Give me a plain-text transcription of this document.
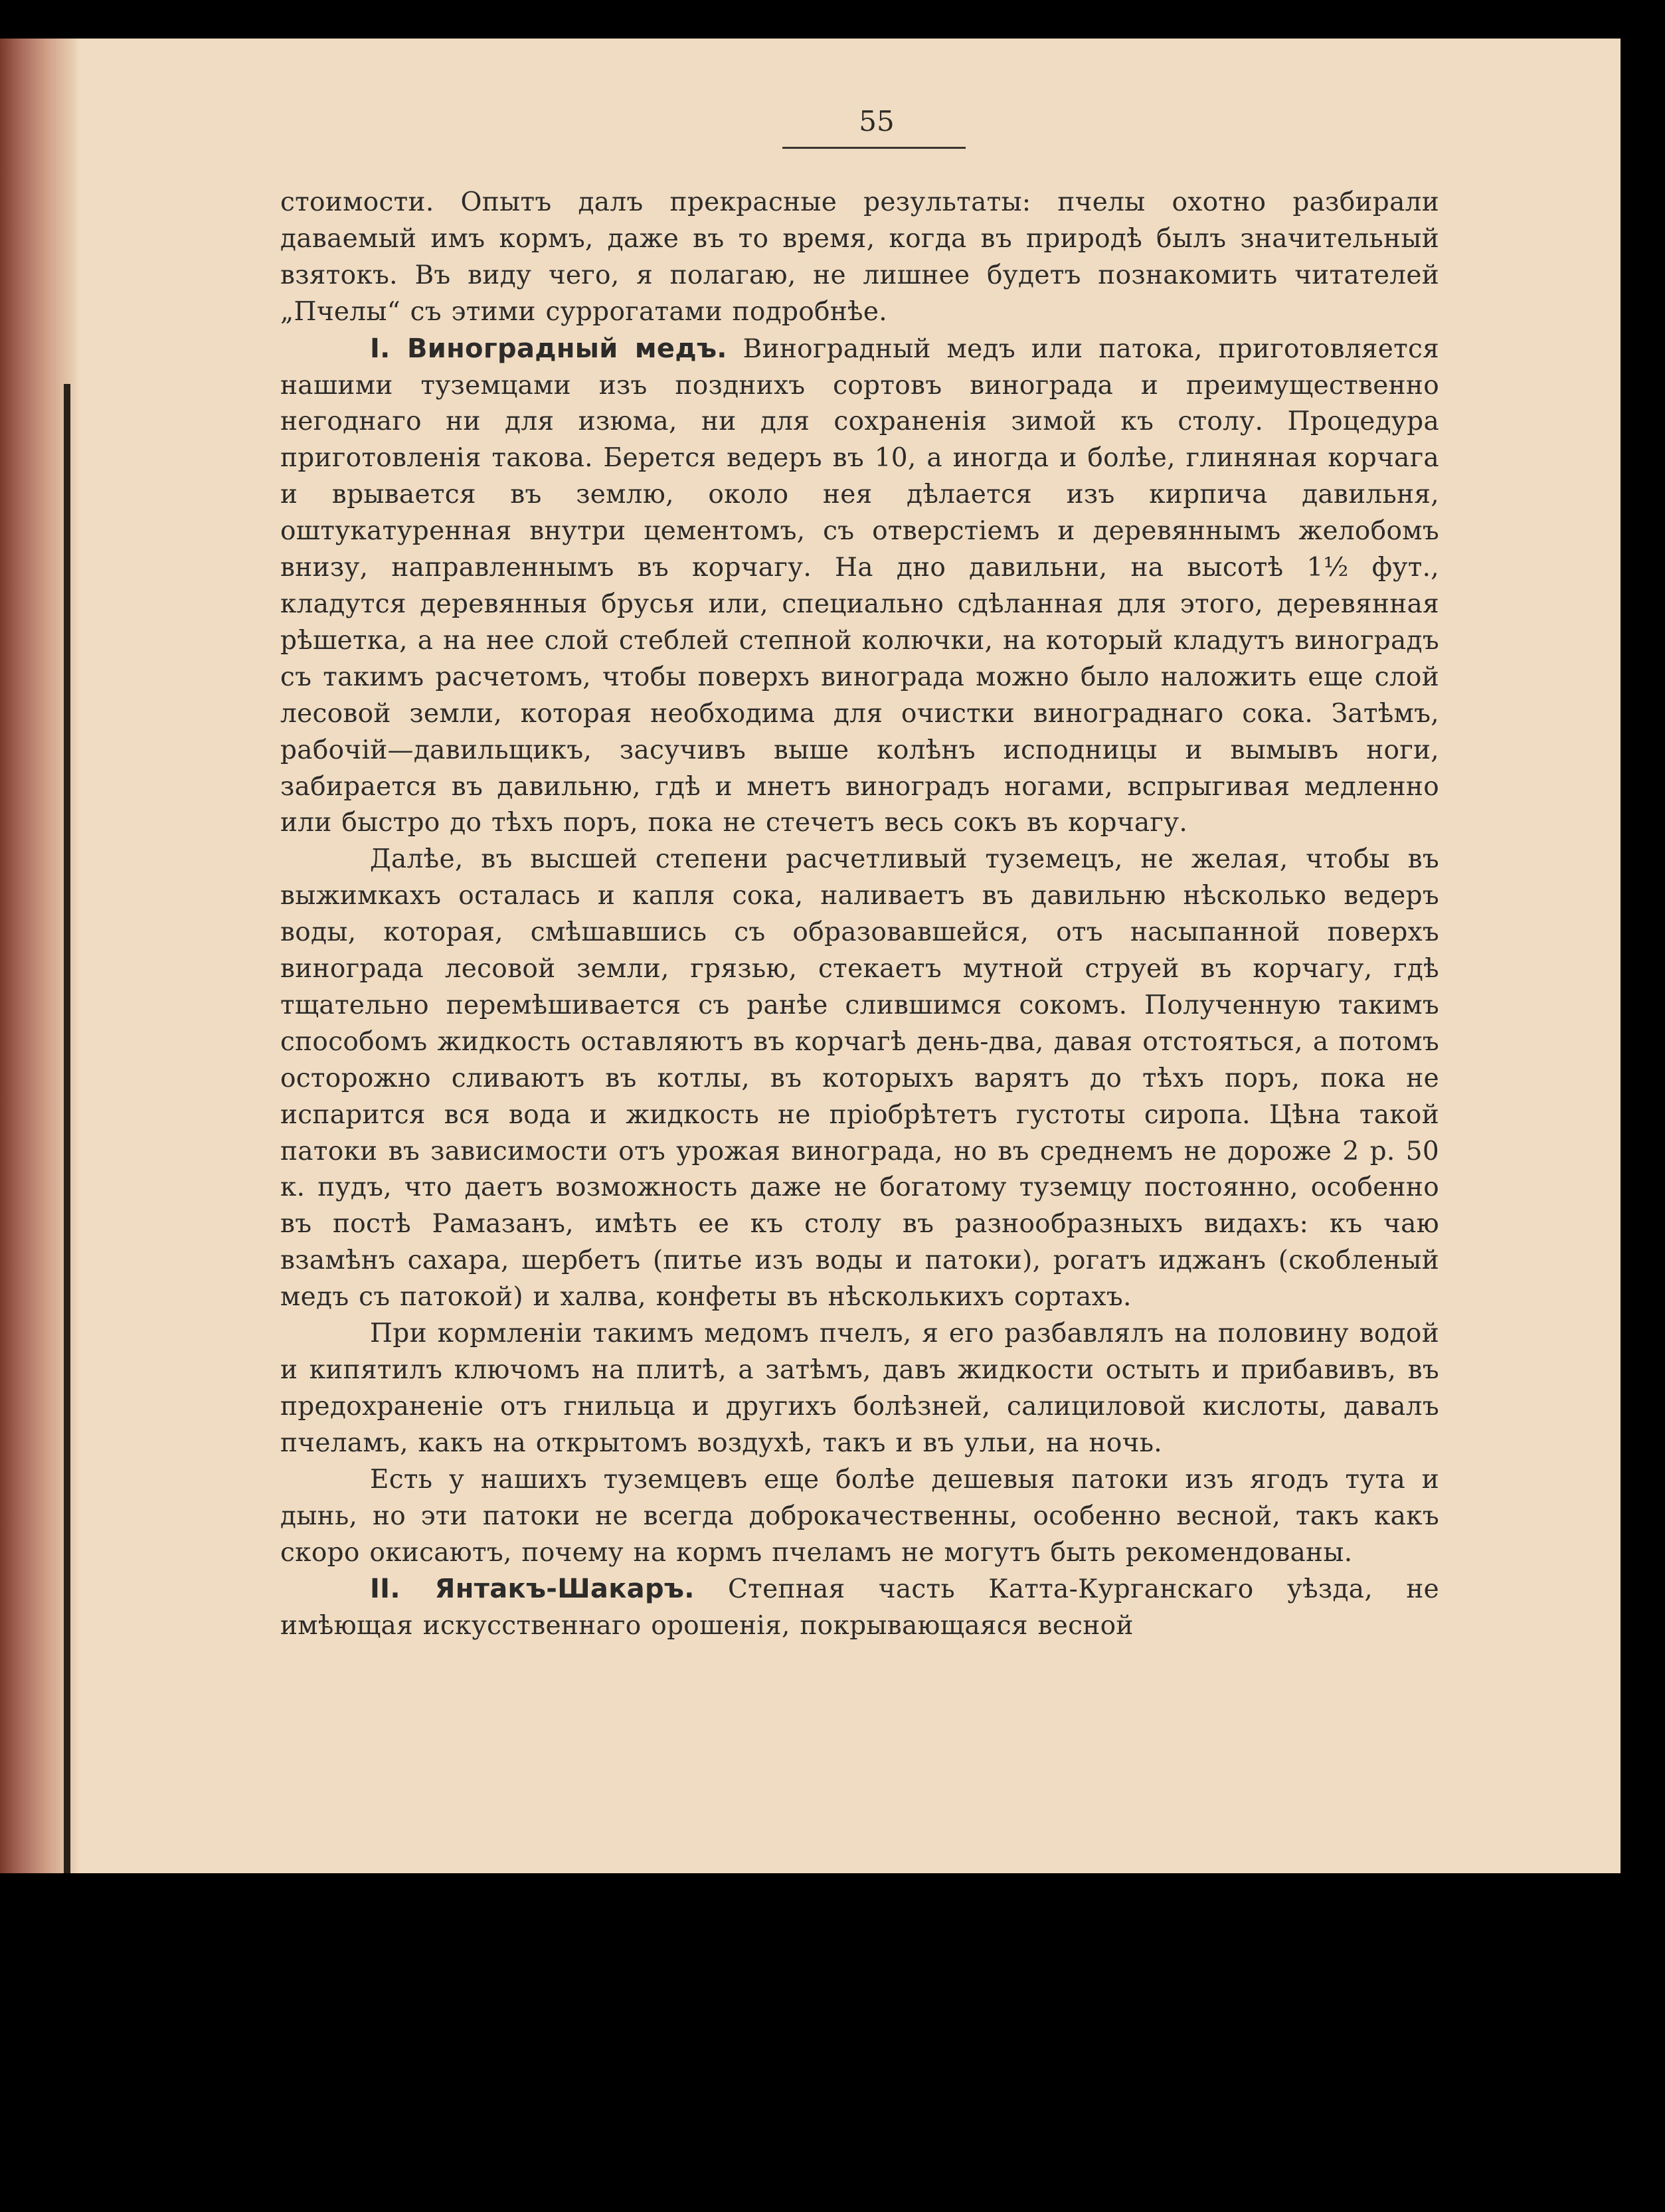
55

стоимости. Опытъ далъ прекрасные результаты: пчелы охотно разбирали даваемый имъ кормъ, даже въ то время, когда въ природѣ былъ значительный взятокъ. Въ виду чего, я полагаю, не лишнее будетъ познакомить читателей „Пчелы“ съ этими суррогатами подробнѣе.

I. Виноградный медъ. Виноградный медъ или патока, приготовляется нашими туземцами изъ позднихъ сортовъ винограда и преимущественно негоднаго ни для изюма, ни для сохраненія зимой къ столу. Процедура приготовленія такова. Берется ведеръ въ 10, а иногда и болѣе, глиняная корчага и врывается въ землю, около нея дѣлается изъ кирпича давильня, оштукатуренная внутри цементомъ, съ отверстіемъ и деревяннымъ желобомъ внизу, направленнымъ въ корчагу. На дно давильни, на высотѣ 1½ фут., кладутся деревянныя брусья или, специально сдѣланная для этого, деревянная рѣшетка, а на нее слой стеблей степной колючки, на который кладутъ виноградъ съ такимъ расчетомъ, чтобы поверхъ винограда можно было наложить еще слой лесовой земли, которая необходима для очистки винограднаго сока. Затѣмъ, рабочій—давильщикъ, засучивъ выше колѣнъ исподницы и вымывъ ноги, забирается въ давильню, гдѣ и мнетъ виноградъ ногами, вспрыгивая медленно или быстро до тѣхъ поръ, пока не стечетъ весь сокъ въ корчагу.

Далѣе, въ высшей степени расчетливый туземецъ, не желая, чтобы въ выжимкахъ осталась и капля сока, наливаетъ въ давильню нѣсколько ведеръ воды, которая, смѣшавшись съ образовавшейся, отъ насыпанной поверхъ винограда лесовой земли, грязью, стекаетъ мутной струей въ корчагу, гдѣ тщательно перемѣшивается съ ранѣе слившимся сокомъ. Полученную такимъ способомъ жидкость оставляютъ въ корчагѣ день-два, давая отстояться, а потомъ осторожно сливаютъ въ котлы, въ которыхъ варятъ до тѣхъ поръ, пока не испарится вся вода и жидкость не пріобрѣтетъ густоты сиропа. Цѣна такой патоки въ зависимости отъ урожая винограда, но въ среднемъ не дороже 2 р. 50 к. пудъ, что даетъ возможность даже не богатому туземцу постоянно, особенно въ постѣ Рамазанъ, имѣть ее къ столу въ разнообразныхъ видахъ: къ чаю взамѣнъ сахара, шербетъ (питье изъ воды и патоки), рогатъ иджанъ (скобленый медъ съ патокой) и халва, конфеты въ нѣсколькихъ сортахъ.

При кормленіи такимъ медомъ пчелъ, я его разбавлялъ на половину водой и кипятилъ ключомъ на плитѣ, а затѣмъ, давъ жидкости остыть и прибавивъ, въ предохраненіе отъ гнильца и другихъ болѣзней, салициловой кислоты, давалъ пчеламъ, какъ на открытомъ воздухѣ, такъ и въ ульи, на ночь.

Есть у нашихъ туземцевъ еще болѣе дешевыя патоки изъ ягодъ тута и дынь, но эти патоки не всегда доброкачественны, особенно весной, такъ какъ скоро окисаютъ, почему на кормъ пчеламъ не могутъ быть рекомендованы.

II. Янтакъ-Шакаръ. Степная часть Катта-Курганскаго уѣзда, не имѣющая искусственнаго орошенія, покрывающаяся весной
